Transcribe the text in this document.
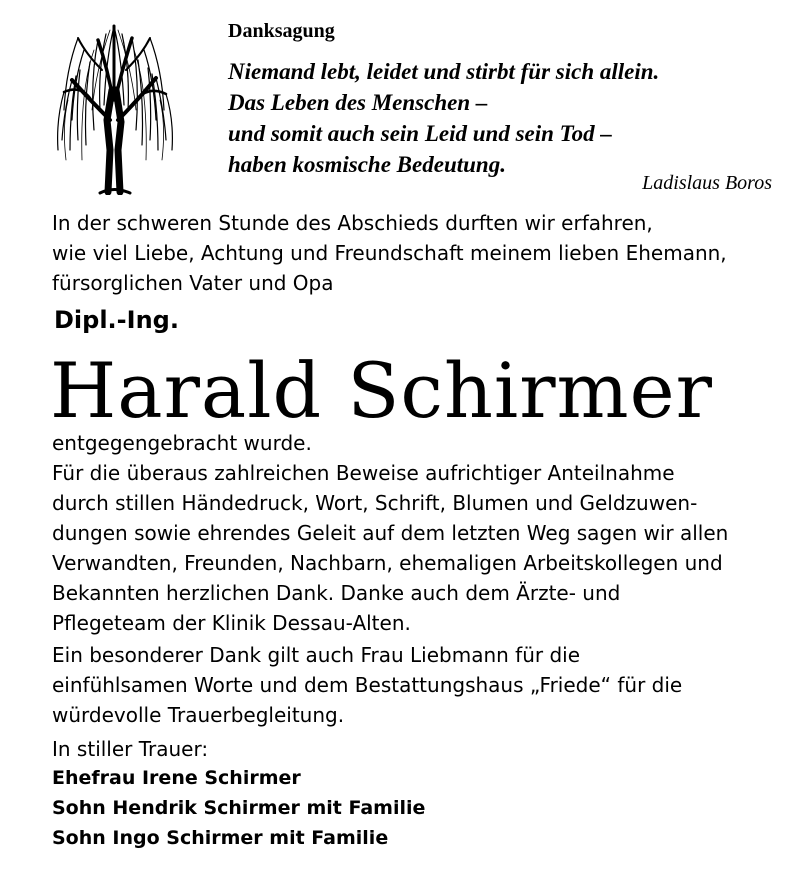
Danksagung
Niemand lebt, leidet und stirbt für sich allein.
Das Leben des Menschen –
und somit auch sein Leid und sein Tod –
haben kosmische Bedeutung.
Ladislaus Boros
In der schweren Stunde des Abschieds durften wir erfahren,
wie viel Liebe, Achtung und Freundschaft meinem lieben Ehemann,
fürsorglichen Vater und Opa
Dipl.-Ing.
Harald Schirmer
entgegengebracht wurde.
Für die überaus zahlreichen Beweise aufrichtiger Anteilnahme
durch stillen Händedruck, Wort, Schrift, Blumen und Geldzuwen-
dungen sowie ehrendes Geleit auf dem letzten Weg sagen wir allen
Verwandten, Freunden, Nachbarn, ehemaligen Arbeitskollegen und
Bekannten herzlichen Dank. Danke auch dem Ärzte- und
Pflegeteam der Klinik Dessau-Alten.
Ein besonderer Dank gilt auch Frau Liebmann für die
einfühlsamen Worte und dem Bestattungshaus „Friede“ für die
würdevolle Trauerbegleitung.
In stiller Trauer:
Ehefrau Irene Schirmer
Sohn Hendrik Schirmer mit Familie
Sohn Ingo Schirmer mit Familie
